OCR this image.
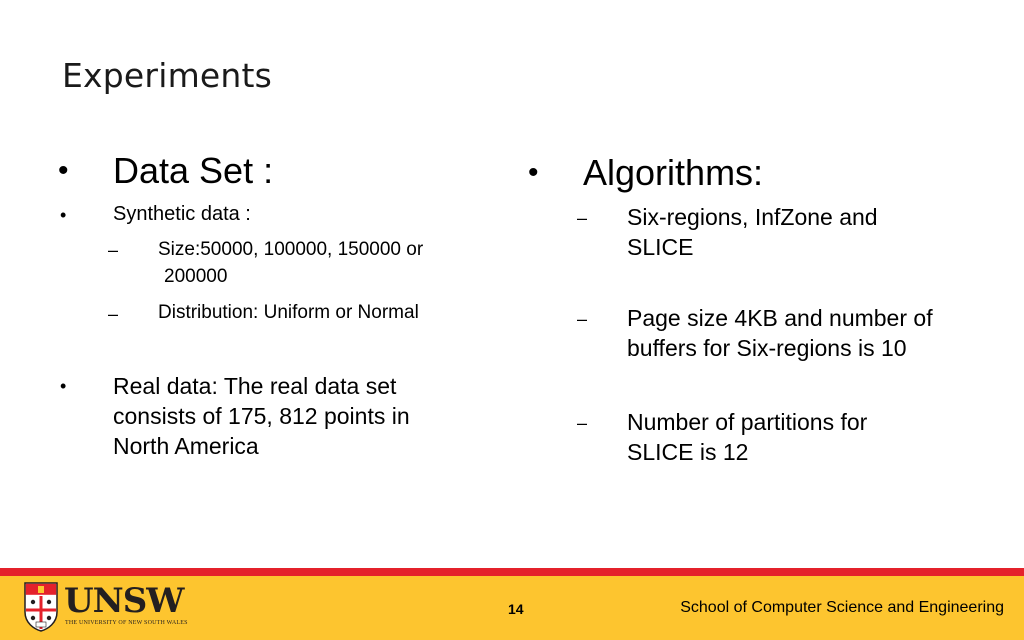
Experiments
• Data Set :
• Synthetic data :
– Size:50000, 100000, 150000 or
200000
– Distribution: Uniform or Normal
• Real data: The real data set
consists of 175, 812 points in
North America
• Algorithms:
– Six-regions, InfZone and
SLICE
– Page size 4KB and number of
buffers for Six-regions is 10
– Number of partitions for
SLICE is 12
UNSW
THE UNIVERSITY OF NEW SOUTH WALES
14	School of Computer Science and Engineering
